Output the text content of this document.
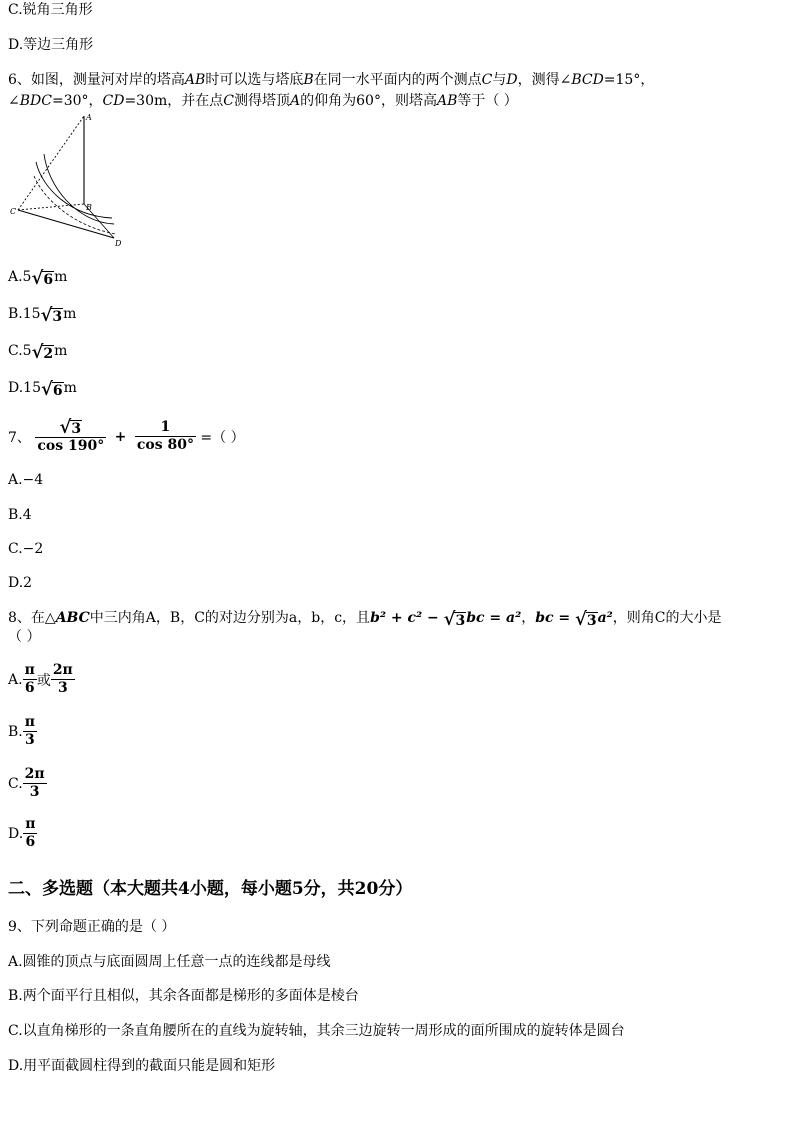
C.锐角三角形
D.等边三角形
6、如图，测量河对岸的塔高AB时可以选与塔底B在同一水平面内的两个测点C与D，测得∠BCD=15°，
∠BDC=30°，CD=30m，并在点C测得塔顶A的仰角为60°，则塔高AB等于（ ）
A
B
C
D
A.5 √ 6 m
B.15 √ 3 m
C.5 √ 2 m
D.15 √ 6 m
7、 $\frac{√ 3}{\cos 190^\circ} + \frac{1}{\cos 80^\circ}$ =（ ）
A.−4
B.4
C.−2
D.2
8、在△ABC中三内角A，B，C的对边分别为a，b，c，且b² + c² − √ 3 bc = a²，bc = √ 3 a²，则角C的大小是
（ ）
A. $\frac{\pi}{6}$ 或 $\frac{2\pi}{3}$
B. $\frac{\pi}{3}$
C. $\frac{2\pi}{3}$
D. $\frac{\pi}{6}$
二、多选题（本大题共4小题，每小题5分，共20分）
9、下列命题正确的是（ ）
A.圆锥的顶点与底面圆周上任意一点的连线都是母线
B.两个面平行且相似，其余各面都是梯形的多面体是棱台
C.以直角梯形的一条直角腰所在的直线为旋转轴，其余三边旋转一周形成的面所围成的旋转体是圆台
D.用平面截圆柱得到的截面只能是圆和矩形
